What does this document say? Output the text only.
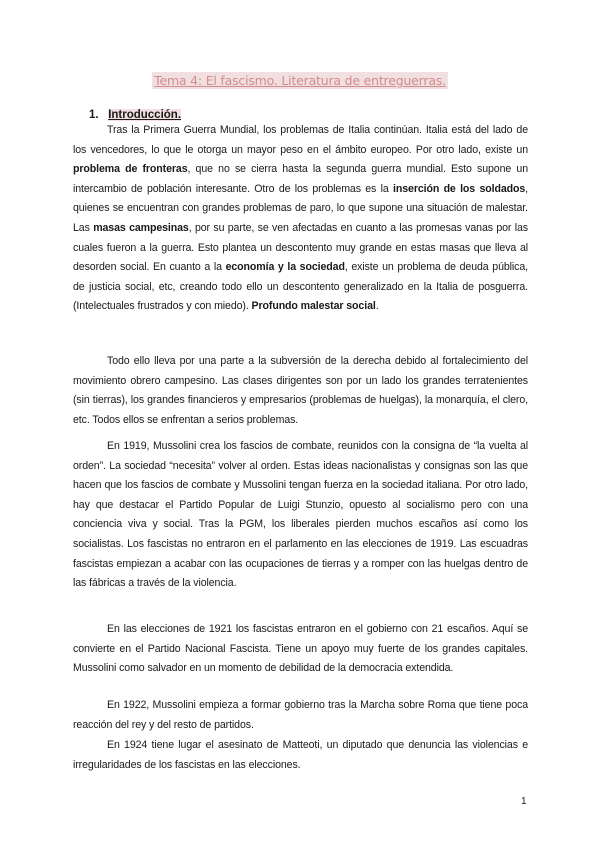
Tema 4: El fascismo. Literatura de entreguerras.
1. Introducción.

Tras la Primera Guerra Mundial, los problemas de Italia continúan. Italia está del lado de los vencedores, lo que le otorga un mayor peso en el ámbito europeo. Por otro lado, existe un problema de fronteras, que no se cierra hasta la segunda guerra mundial. Esto supone un intercambio de población interesante. Otro de los problemas es la inserción de los soldados, quienes se encuentran con grandes problemas de paro, lo que supone una situación de malestar. Las masas campesinas, por su parte, se ven afectadas en cuanto a las promesas vanas por las cuales fueron a la guerra. Esto plantea un descontento muy grande en estas masas que lleva al desorden social. En cuanto a la economía y la sociedad, existe un problema de deuda pública, de justicia social, etc, creando todo ello un descontento generalizado en la Italia de posguerra. (Intelectuales frustrados y con miedo). Profundo malestar social.

Todo ello lleva por una parte a la subversión de la derecha debido al fortalecimiento del movimiento obrero campesino. Las clases dirigentes son por un lado los grandes terratenientes (sin tierras), los grandes financieros y empresarios (problemas de huelgas), la monarquía, el clero, etc. Todos ellos se enfrentan a serios problemas.

En 1919, Mussolini crea los fascios de combate, reunidos con la consigna de “la vuelta al orden”. La sociedad “necesita” volver al orden. Estas ideas nacionalistas y consignas son las que hacen que los fascios de combate y Mussolini tengan fuerza en la sociedad italiana. Por otro lado, hay que destacar el Partido Popular de Luigi Stunzio, opuesto al socialismo pero con una conciencia viva y social. Tras la PGM, los liberales pierden muchos escaños así como los socialistas. Los fascistas no entraron en el parlamento en las elecciones de 1919. Las escuadras fascistas empiezan a acabar con las ocupaciones de tierras y a romper con las huelgas dentro de las fábricas a través de la violencia.

En las elecciones de 1921 los fascistas entraron en el gobierno con 21 escaños. Aquí se convierte en el Partido Nacional Fascista. Tiene un apoyo muy fuerte de los grandes capitales. Mussolini como salvador en un momento de debilidad de la democracia extendida.

En 1922, Mussolini empieza a formar gobierno tras la Marcha sobre Roma que tiene poca reacción del rey y del resto de partidos.

En 1924 tiene lugar el asesinato de Matteoti, un diputado que denuncia las violencias e irregularidades de los fascistas en las elecciones.

1
